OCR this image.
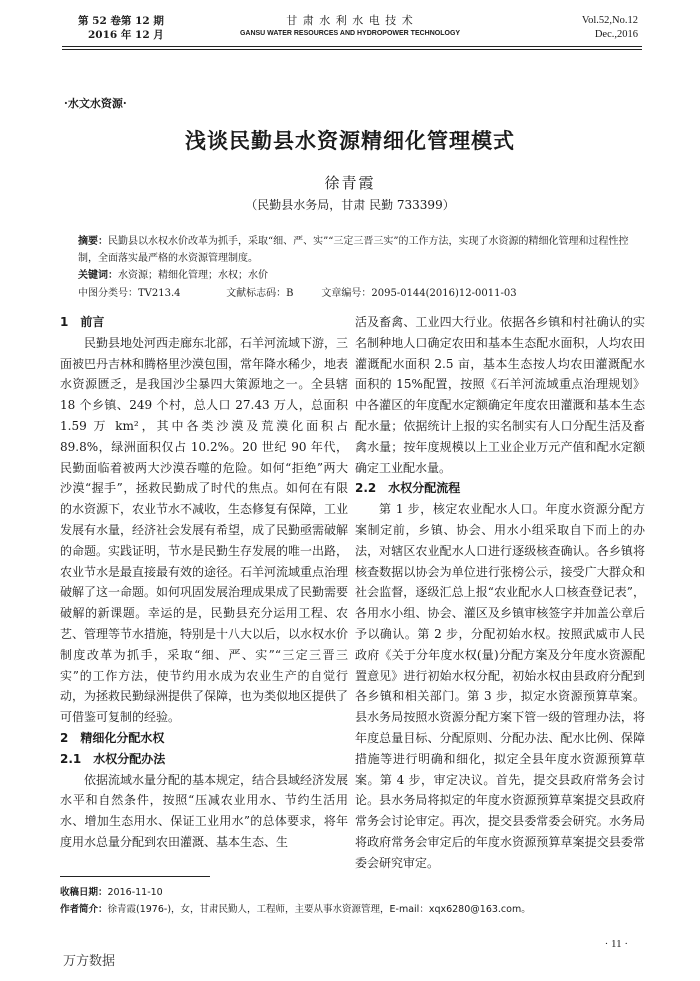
第 52 卷第 12 期
2016 年 12 月
甘 肃 水 利 水 电 技 术
GANSU WATER RESOURCES AND HYDROPOWER TECHNOLOGY
Vol.52,No.12
Dec.,2016
·水文水资源·
浅谈民勤县水资源精细化管理模式
徐青霞
（民勤县水务局，甘肃 民勤 733399）
摘要：民勤县以水权水价改革为抓手，采取“细、严、实”“三定三晋三实”的工作方法，实现了水资源的精细化管理和过程性控制，全面落实最严格的水资源管理制度。
关键词：水资源；精细化管理；水权；水价
中图分类号：TV213.4	文献标志码：B	文章编号：2095-0144(2016)12-0011-03
1　前言

民勤县地处河西走廊东北部，石羊河流域下游，三面被巴丹吉林和腾格里沙漠包围，常年降水稀少，地表水资源匮乏，是我国沙尘暴四大策源地之一。全县辖 18 个乡镇、249 个村，总人口 27.43 万人，总面积 1.59 万 km²，其中各类沙漠及荒漠化面积占 89.8%，绿洲面积仅占 10.2%。20 世纪 90 年代，民勤面临着被两大沙漠吞噬的危险。如何“拒绝”两大沙漠“握手”，拯救民勤成了时代的焦点。如何在有限的水资源下，农业节水不减收，生态修复有保障，工业发展有水量，经济社会发展有希望，成了民勤亟需破解的命题。实践证明，节水是民勤生存发展的唯一出路，农业节水是最直接最有效的途径。石羊河流域重点治理破解了这一命题。如何巩固发展治理成果成了民勤需要破解的新课题。幸运的是，民勤县充分运用工程、农艺、管理等节水措施，特别是十八大以后，以水权水价制度改革为抓手，采取“细、严、实”“三定三晋三实”的工作方法，使节约用水成为农业生产的自觉行动，为拯救民勤绿洲提供了保障，也为类似地区提供了可借鉴可复制的经验。

2　精细化分配水权
2.1　水权分配办法

依据流域水量分配的基本规定，结合县域经济发展水平和自然条件，按照“压减农业用水、节约生活用水、增加生态用水、保证工业用水”的总体要求，将年度用水总量分配到农田灌溉、基本生态、生

活及畜禽、工业四大行业。依据各乡镇和村社确认的实名制种地人口确定农田和基本生态配水面积，人均农田灌溉配水面积 2.5 亩，基本生态按人均农田灌溉配水面积的 15%配置，按照《石羊河流域重点治理规划》中各灌区的年度配水定额确定年度农田灌溉和基本生态配水量；依据统计上报的实名制实有人口分配生活及畜禽水量；按年度规模以上工业企业万元产值和配水定额确定工业配水量。

2.2　水权分配流程

第 1 步，核定农业配水人口。年度水资源分配方案制定前，乡镇、协会、用水小组采取自下而上的办法，对辖区农业配水人口进行逐级核查确认。各乡镇将核查数据以协会为单位进行张榜公示，接受广大群众和社会监督，逐级汇总上报“农业配水人口核查登记表”，各用水小组、协会、灌区及乡镇审核签字并加盖公章后予以确认。第 2 步，分配初始水权。按照武威市人民政府《关于分年度水权(量)分配方案及分年度水资源配置意见》进行初始水权分配，初始水权由县政府分配到各乡镇和相关部门。第 3 步，拟定水资源预算草案。县水务局按照水资源分配方案下管一级的管理办法，将年度总量目标、分配原则、分配办法、配水比例、保障措施等进行明确和细化，拟定全县年度水资源预算草案。第 4 步，审定决议。首先，提交县政府常务会讨论。县水务局将拟定的年度水资源预算草案提交县政府常务会讨论审定。再次，提交县委常委会研究。水务局将政府常务会审定后的年度水资源预算草案提交县委常委会研究审定。

收稿日期：2016-11-10
作者简介：徐青霞(1976-)，女，甘肃民勤人，工程师，主要从事水资源管理，E-mail：xqx6280@163.com。
· 11 ·
万方数据
